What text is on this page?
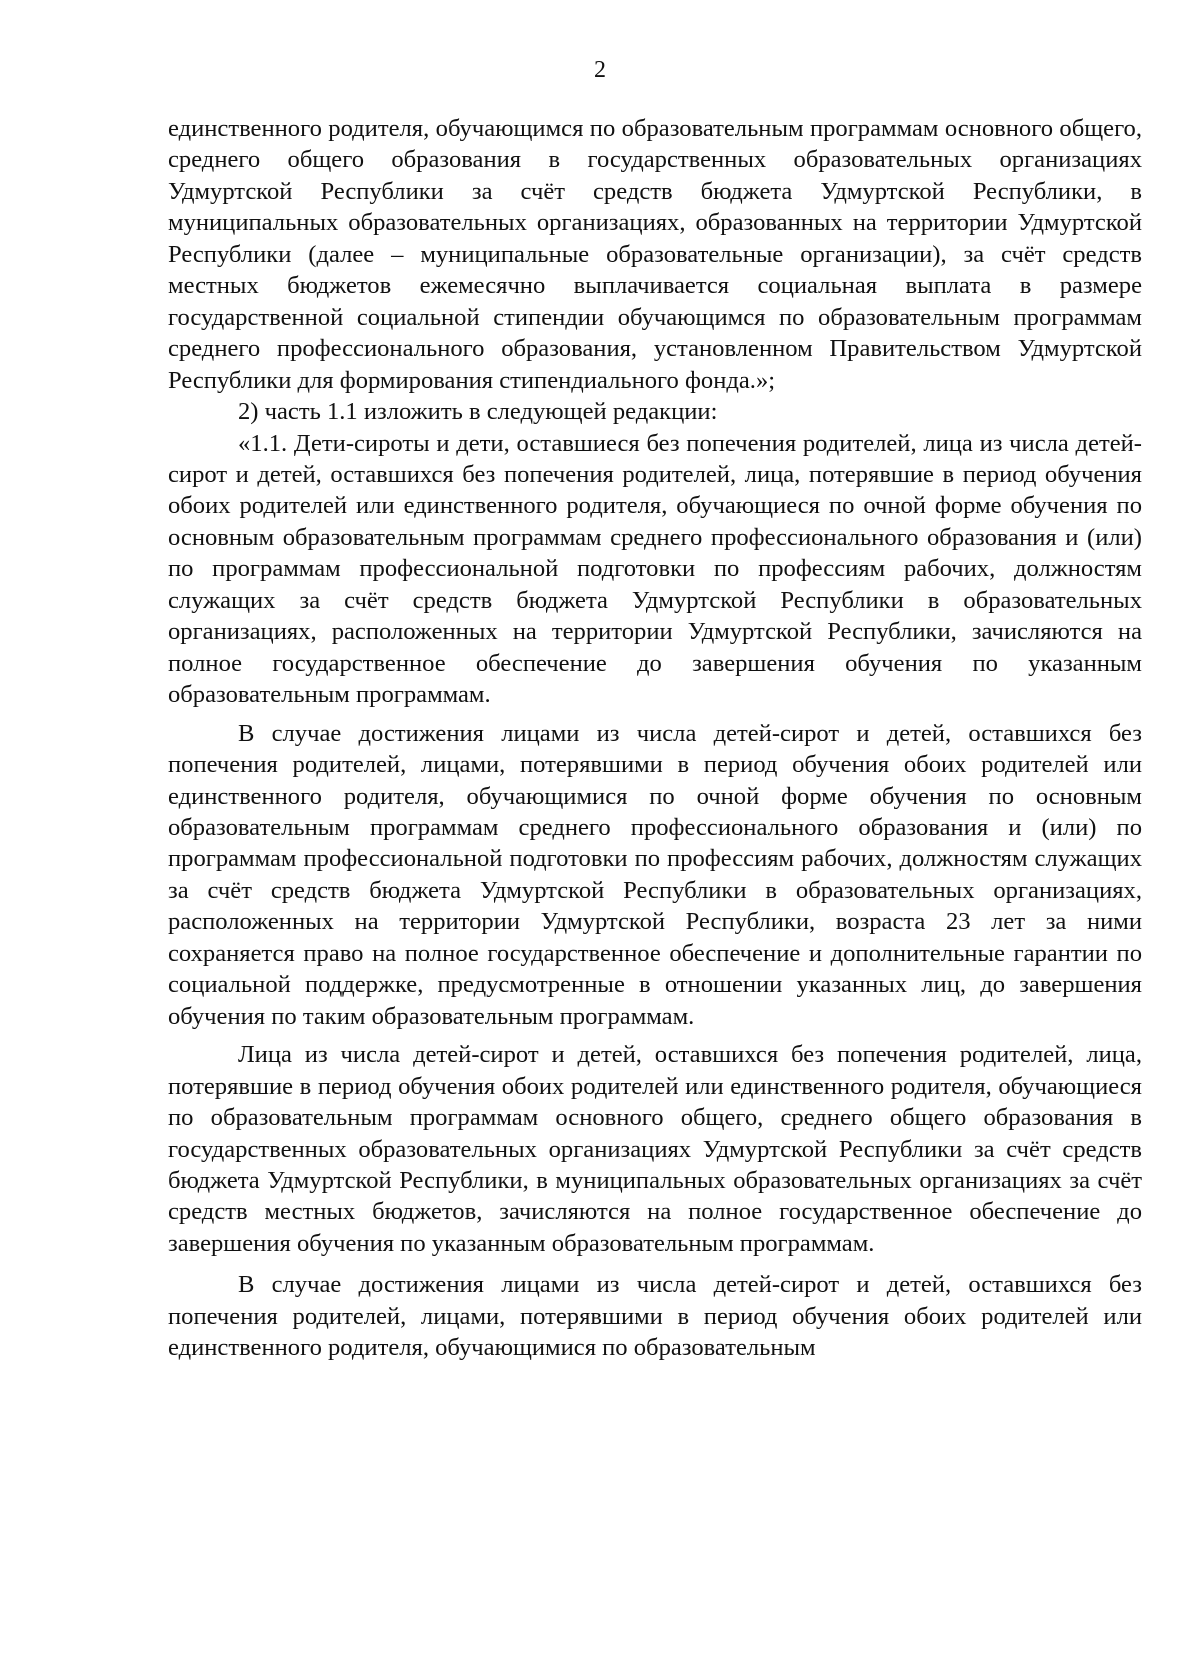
2

единственного родителя, обучающимся по образовательным программам основного общего, среднего общего образования в государственных образовательных организациях Удмуртской Республики за счёт средств бюджета Удмуртской Республики, в муниципальных образовательных организациях, образованных на территории Удмуртской Республики (далее – муниципальные образовательные организации), за счёт средств местных бюджетов ежемесячно выплачивается социальная выплата в размере государственной социальной стипендии обучающимся по образовательным программам среднего профессионального образования, установленном Правительством Удмуртской Республики для формирования стипендиального фонда.»;

2) часть 1.1 изложить в следующей редакции:

«1.1. Дети-сироты и дети, оставшиеся без попечения родителей, лица из числа детей-сирот и детей, оставшихся без попечения родителей, лица, потерявшие в период обучения обоих родителей или единственного родителя, обучающиеся по очной форме обучения по основным образовательным программам среднего профессионального образования и (или) по программам профессиональной подготовки по профессиям рабочих, должностям служащих за счёт средств бюджета Удмуртской Республики в образовательных организациях, расположенных на территории Удмуртской Республики, зачисляются на полное государственное обеспечение до завершения обучения по указанным образовательным программам.

В случае достижения лицами из числа детей-сирот и детей, оставшихся без попечения родителей, лицами, потерявшими в период обучения обоих родителей или единственного родителя, обучающимися по очной форме обучения по основным образовательным программам среднего профессионального образования и (или) по программам профессиональной подготовки по профессиям рабочих, должностям служащих за счёт средств бюджета Удмуртской Республики в образовательных организациях, расположенных на территории Удмуртской Республики, возраста 23 лет за ними сохраняется право на полное государственное обеспечение и дополнительные гарантии по социальной поддержке, предусмотренные в отношении указанных лиц, до завершения обучения по таким образовательным программам.

Лица из числа детей-сирот и детей, оставшихся без попечения родителей, лица, потерявшие в период обучения обоих родителей или единственного родителя, обучающиеся по образовательным программам основного общего, среднего общего образования в государственных образовательных организациях Удмуртской Республики за счёт средств бюджета Удмуртской Республики, в муниципальных образовательных организациях за счёт средств местных бюджетов, зачисляются на полное государственное обеспечение до завершения обучения по указанным образовательным программам.

В случае достижения лицами из числа детей-сирот и детей, оставшихся без попечения родителей, лицами, потерявшими в период обучения обоих родителей или единственного родителя, обучающимися по образовательным
